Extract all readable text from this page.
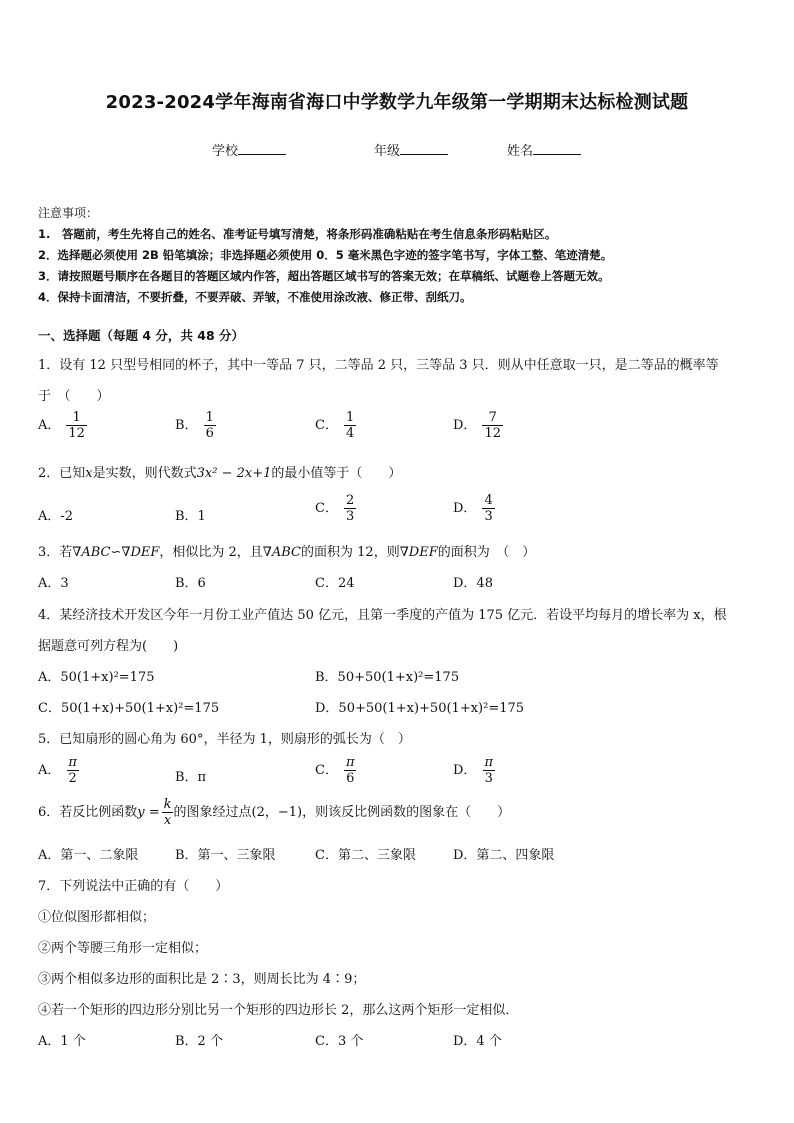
2023-2024学年海南省海口中学数学九年级第一学期期末达标检测试题
学校	年级	姓名
注意事项：
1.　答题前，考生先将自己的姓名、准考证号填写清楚，将条形码准确粘贴在考生信息条形码粘贴区。
2．选择题必须使用 2B 铅笔填涂；非选择题必须使用 0．5 毫米黑色字迹的签字笔书写，字体工整、笔迹清楚。
3．请按照题号顺序在各题目的答题区域内作答，超出答题区域书写的答案无效；在草稿纸、试题卷上答题无效。
4．保持卡面清洁，不要折叠，不要弄破、弄皱，不准使用涂改液、修正带、刮纸刀。
一、选择题（每题 4 分，共 48 分）
1．设有 12 只型号相同的杯子，其中一等品 7 只，二等品 2 只，三等品 3 只．则从中任意取一只，是二等品的概率等
于　（　　）
A． $\frac{1}{12}$	B． $\frac{1}{6}$	C． $\frac{1}{4}$	D． $\frac{7}{12}$
2．已知x是实数，则代数式3x² − 2x+1的最小值等于（　　）
A．-2	B．1
C． $\frac{2}{3}$	D． $\frac{4}{3}$
3．若∇ABC∽∇DEF，相似比为 2，且∇ABC的面积为 12，则∇DEF的面积为　（　）
A．3	B．6	C．24	D．48
4．某经济技术开发区今年一月份工业产值达 50 亿元，且第一季度的产值为 175 亿元．若设平均每月的增长率为 x，根
据题意可列方程为(　　)
A．50(1+x)²=175	B．50+50(1+x)²=175
C．50(1+x)+50(1+x)²=175	D．50+50(1+x)+50(1+x)²=175
5．已知扇形的圆心角为 60°，半径为 1，则扇形的弧长为（　）
A． $\frac{\pi}{2}$	B．π	C． $\frac{\pi}{6}$	D． $\frac{\pi}{3}$
6．若反比例函数$y = \frac{k}{x}$ 的图象经过点(2，−1)，则该反比例函数的图象在（　　）
A．第一、二象限	B．第一、三象限	C．第二、三象限	D．第二、四象限
7．下列说法中正确的有（　　）
①位似图形都相似；
②两个等腰三角形一定相似；
③两个相似多边形的面积比是 2∶3，则周长比为 4∶9；
④若一个矩形的四边形分别比另一个矩形的四边形长 2，那么这两个矩形一定相似．
A．1 个	B．2 个	C．3 个	D．4 个
